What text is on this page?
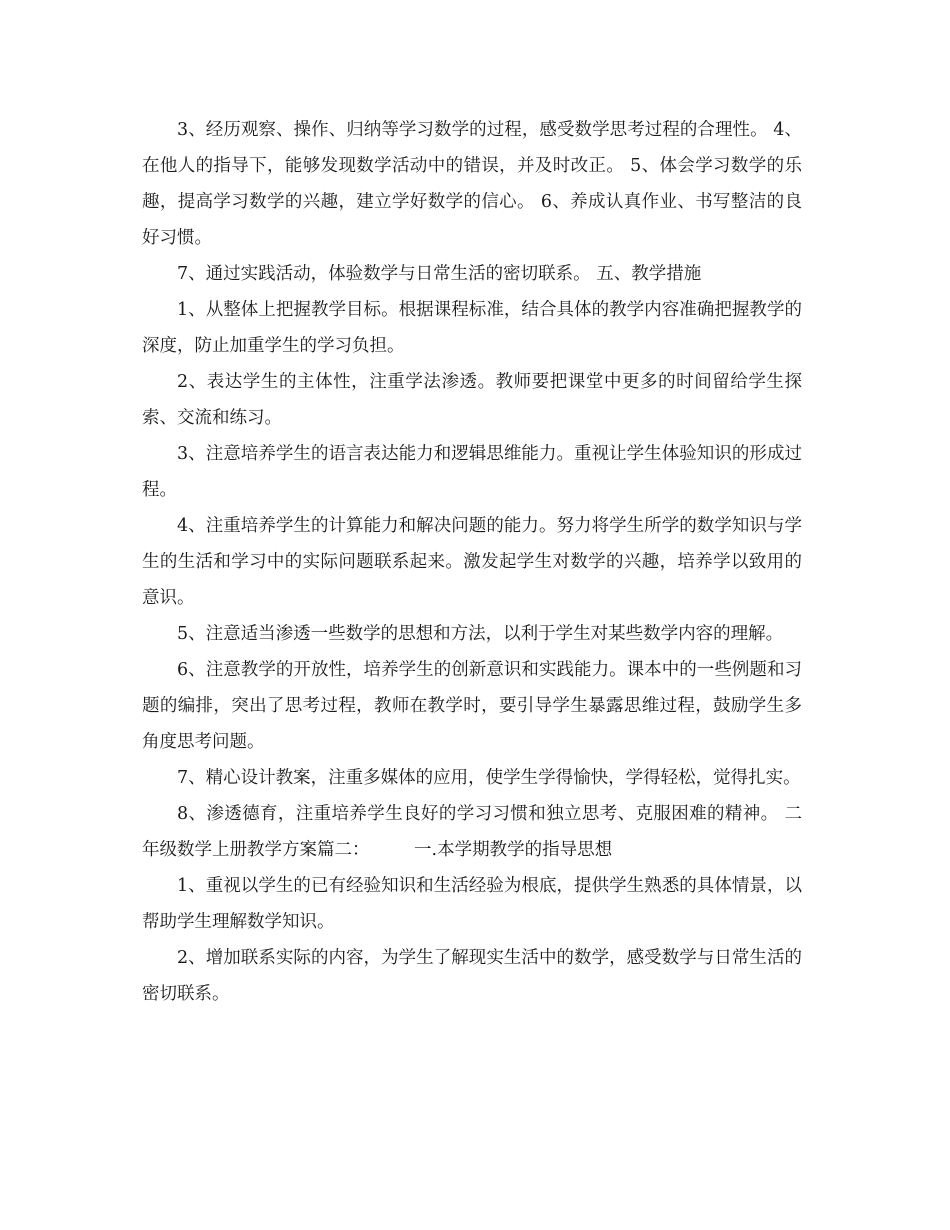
3、经历观察、操作、归纳等学习数学的过程，感受数学思考过程的合理性。 4、在他人的指导下，能够发现数学活动中的错误，并及时改正。 5、体会学习数学的乐趣，提高学习数学的兴趣，建立学好数学的信心。 6、养成认真作业、书写整洁的良好习惯。

7、通过实践活动，体验数学与日常生活的密切联系。 五、教学措施

1、从整体上把握教学目标。根据课程标准，结合具体的教学内容准确把握教学的深度，防止加重学生的学习负担。

2、表达学生的主体性，注重学法渗透。教师要把课堂中更多的时间留给学生探索、交流和练习。

3、注意培养学生的语言表达能力和逻辑思维能力。重视让学生体验知识的形成过程。

4、注重培养学生的计算能力和解决问题的能力。努力将学生所学的数学知识与学生的生活和学习中的实际问题联系起来。激发起学生对数学的兴趣，培养学以致用的意识。

5、注意适当渗透一些数学的思想和方法，以利于学生对某些数学内容的理解。

6、注意教学的开放性，培养学生的创新意识和实践能力。课本中的一些例题和习题的编排，突出了思考过程，教师在教学时，要引导学生暴露思维过程，鼓励学生多角度思考问题。

7、精心设计教案，注重多媒体的应用，使学生学得愉快，学得轻松，觉得扎实。

8、渗透德育，注重培养学生良好的学习习惯和独立思考、克服困难的精神。 二年级数学上册教学方案篇二：        一.本学期教学的指导思想

1、重视以学生的已有经验知识和生活经验为根底，提供学生熟悉的具体情景，以帮助学生理解数学知识。

2、增加联系实际的内容，为学生了解现实生活中的数学，感受数学与日常生活的密切联系。
